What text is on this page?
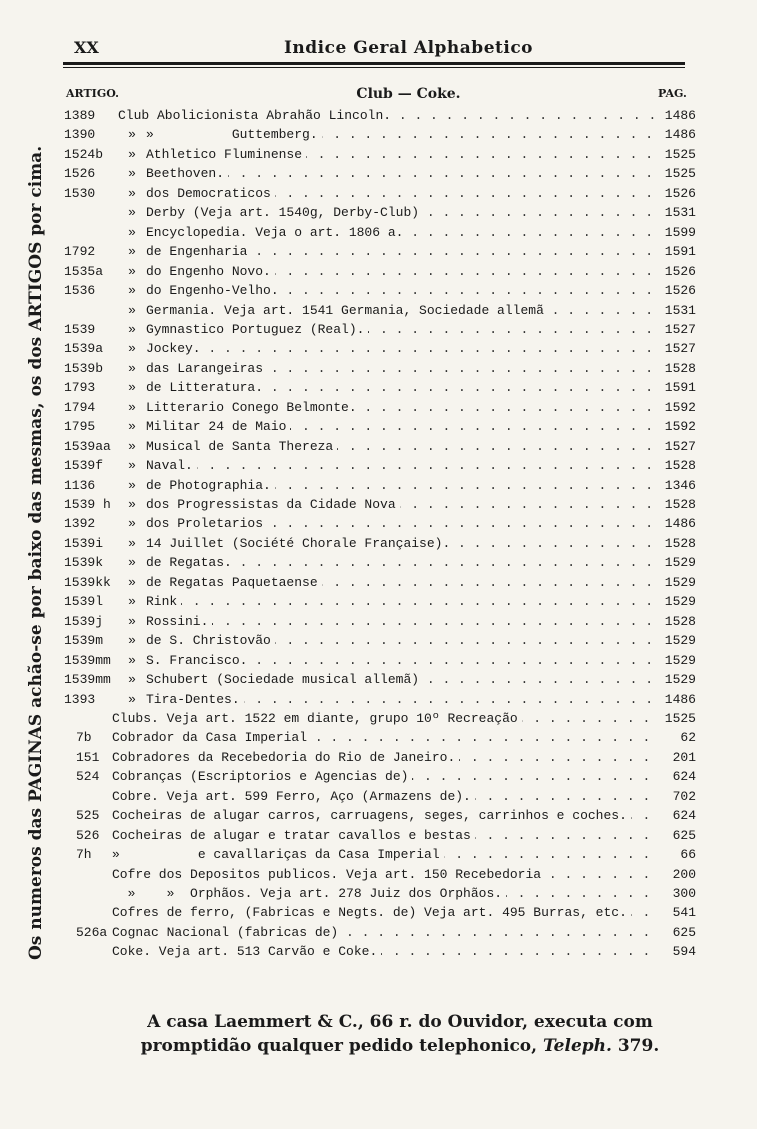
XX	Indice Geral Alphabetico
ARTIGO.	Club — Coke.	PAG.
Os numeros das PAGINAS achão-se por baixo das mesmas, os dos ARTIGOS por cima.
1389 Club Abolicionista Abrahão Lincoln. . . .	1486
1390	» »          Guttemberg. . . .	1486
1524b	» Athletico Fluminense . . .	1525
1526	» Beethoven. . . .	1525
1530	» dos Democraticos . . .	1526
» Derby (Veja art. 1540g, Derby-Club) . . .	1531
» Encyclopedia. Veja o art. 1806 a. . . .	1599
1792	» de Engenharia . . .	1591
1535a	» do Engenho Novo. . . .	1526
1536	» do Engenho-Velho. . . .	1526
» Germania. Veja art. 1541 Germania, Sociedade allemã . . .	1531
1539	» Gymnastico Portuguez (Real). . . .	1527
1539a	» Jockey. . . .	1527
1539b	» das Larangeiras . . .	1528
1793	» de Litteratura. . . .	1591
1794	» Litterario Conego Belmonte. . . .	1592
1795	» Militar 24 de Maio . . .	1592
1539aa	» Musical de Santa Thereza . . .	1527
1539f	» Naval. . . .	1528
1136	» de Photographia. . . .	1346
1539 h	» dos Progressistas da Cidade Nova . . .	1528
1392	» dos Proletarios . . .	1486
1539i	» 14 Juillet (Société Chorale Française). . . .	1528
1539k	» de Regatas. . . .	1529
1539kk	» de Regatas Paquetaense . . .	1529
1539l	» Rink . . .	1529
1539j	» Rossini. . . .	1528
1539m	» de S. Christovão . . .	1529
1539mm	» S. Francisco. . . .	1529
1539mm	» Schubert (Sociedade musical allemã) . . .	1529
1393	» Tira-Dentes. . . .	1486
Clubs. Veja art. 1522 em diante, grupo 10º Recreação . . .	1525
7b Cobrador da Casa Imperial . . .	62
151 Cobradores da Recebedoria do Rio de Janeiro. . . .	201
524 Cobranças (Escriptorios e Agencias de) . . .	624
Cobre. Veja art. 599 Ferro, Aço (Armazens de). . . .	702
525 Cocheiras de alugar carros, carruagens, seges, carrinhos e coches. . . .	624
526 Cocheiras de alugar e tratar cavallos e bestas . . .	625
7h »          e cavallariças da Casa Imperial . . .	66
Cofre dos Depositos publicos. Veja art. 150 Recebedoria . . .	200
»    »  Orphãos. Veja art. 278 Juiz dos Orphãos. . . .	300
Cofres de ferro, (Fabricas e Negts. de) Veja art. 495 Burras, etc. . . .	541
526a Cognac Nacional (fabricas de) . . .	625
Coke. Veja art. 513 Carvão e Coke. . . .	594
A casa Laemmert & C., 66 r. do Ouvidor, executa com
promptidão qualquer pedido telephonico, Teleph. 379.
